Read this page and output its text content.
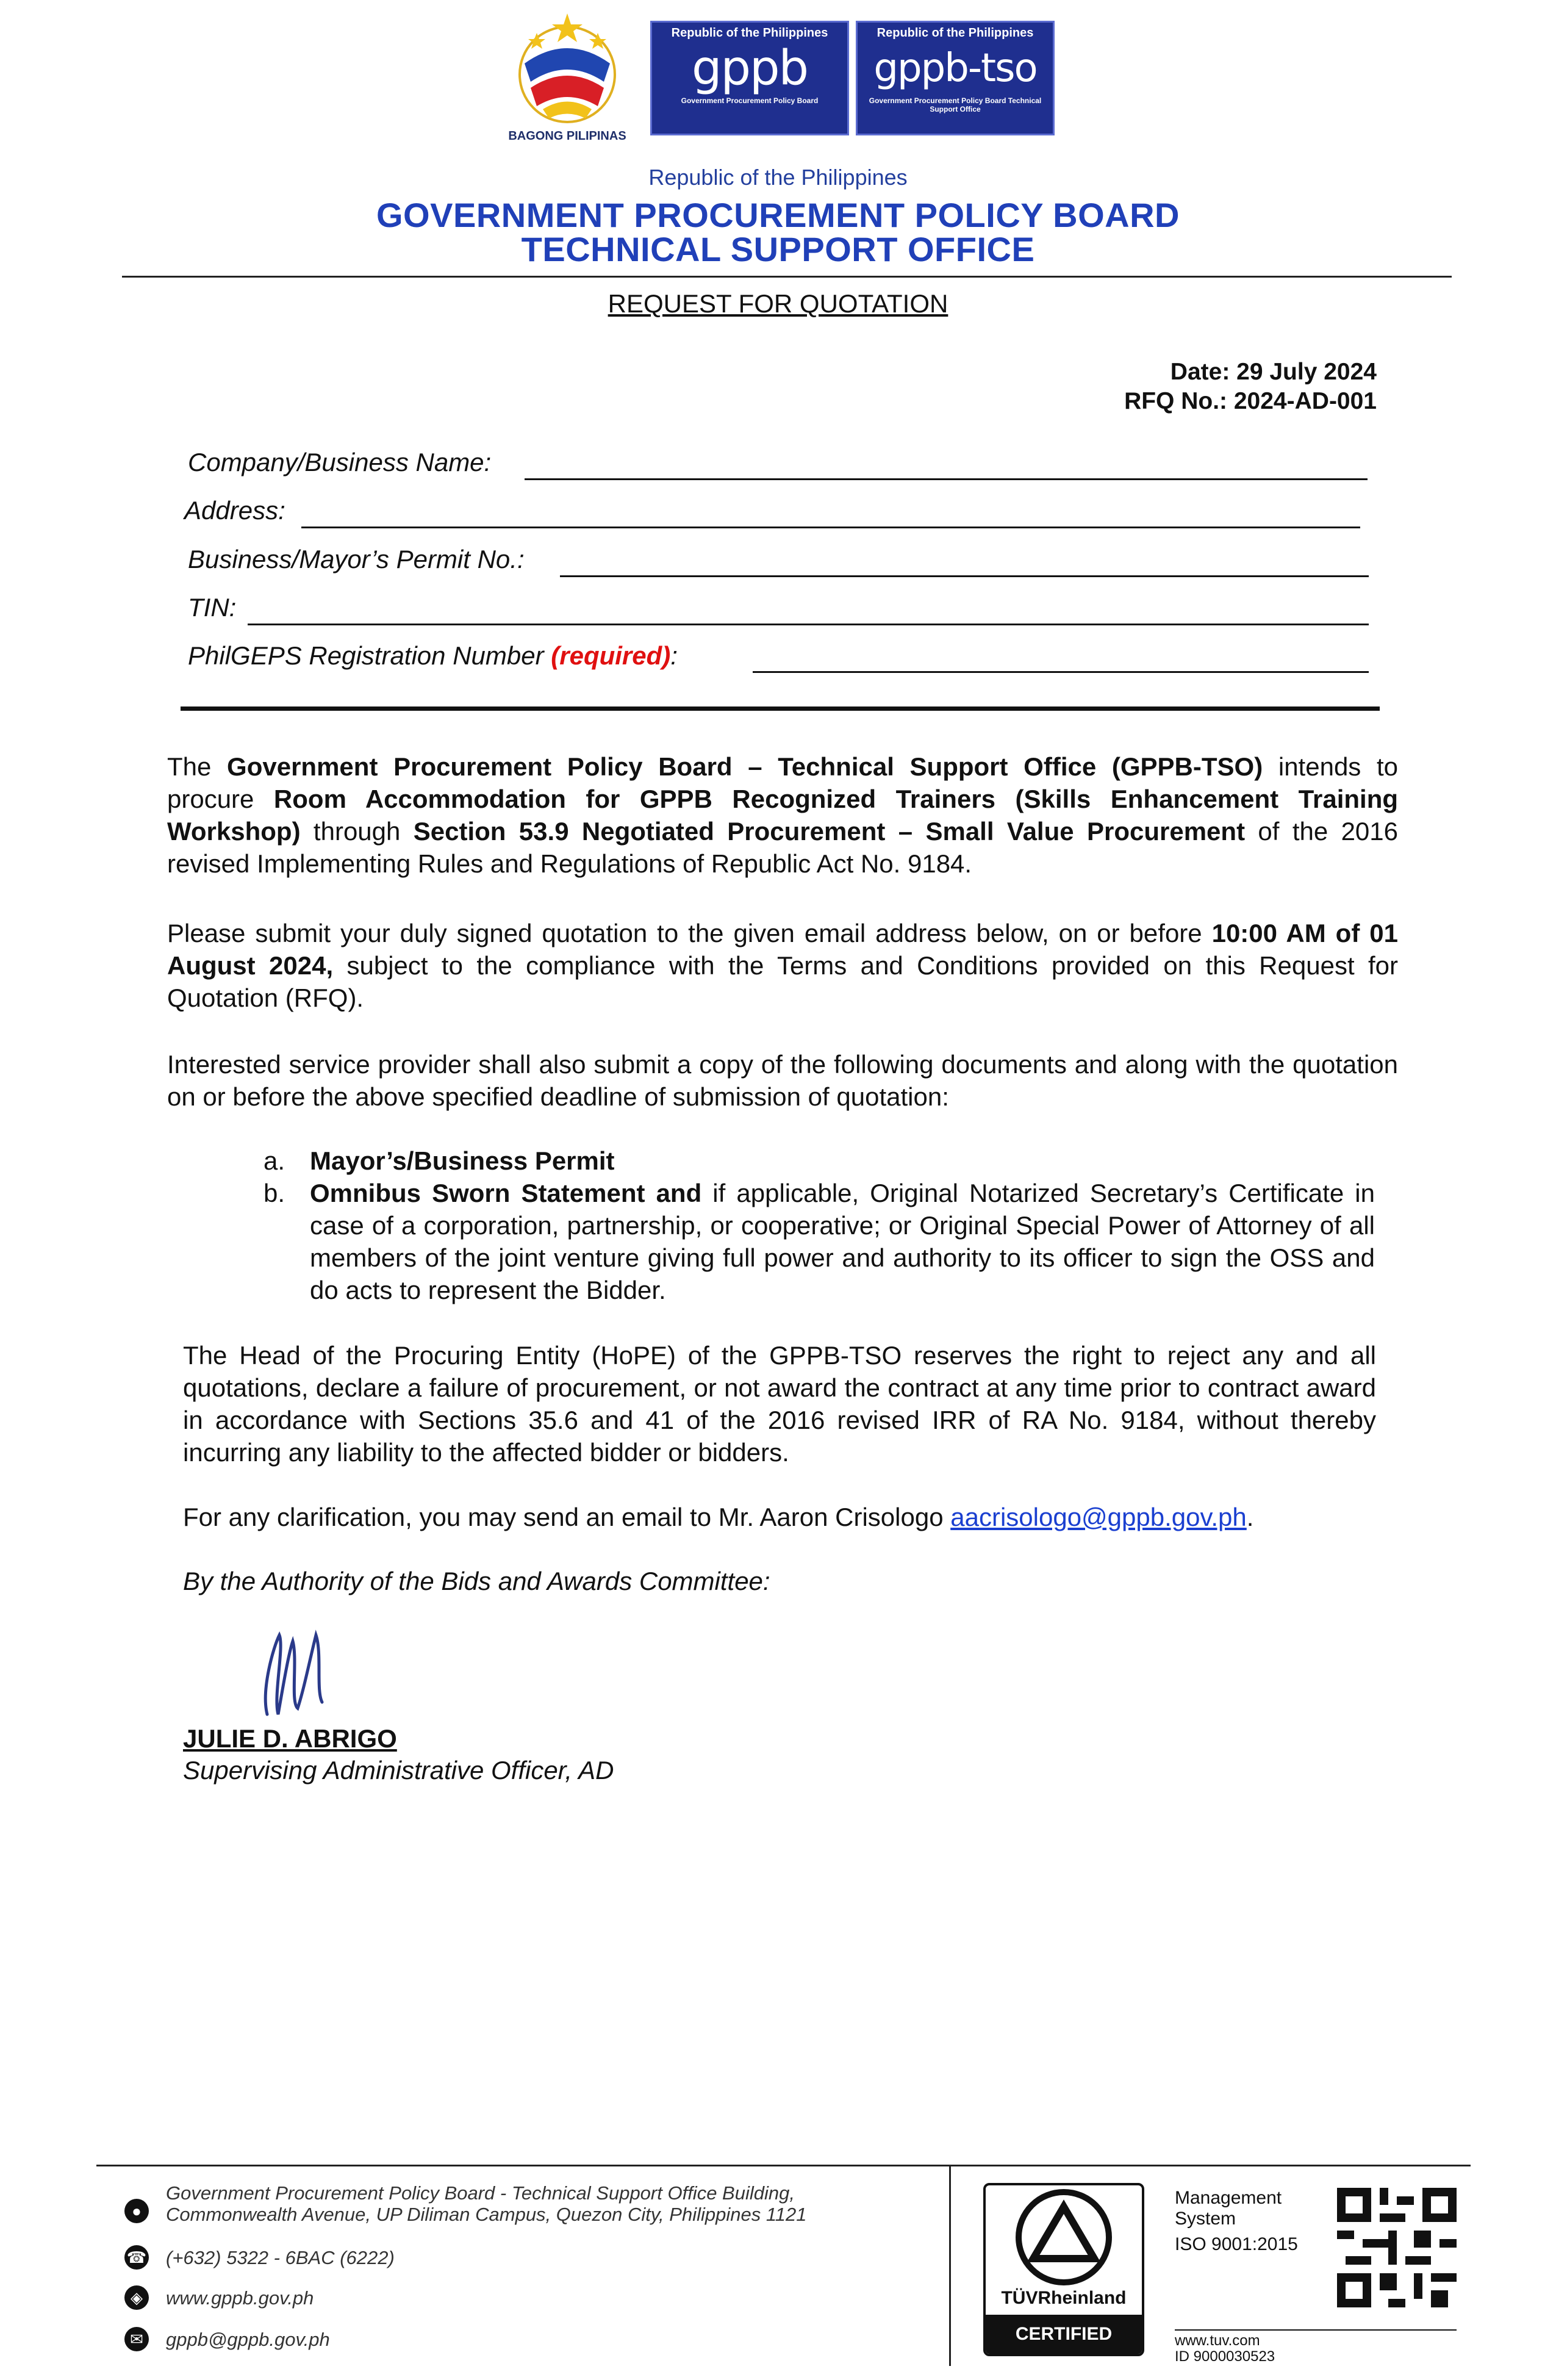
BAGONG PILIPINAS
Republic of the Philippines
gppb
Government Procurement Policy Board
Republic of the Philippines
gppb-tso
Government Procurement Policy Board Technical Support Office
Republic of the Philippines
GOVERNMENT PROCUREMENT POLICY BOARD
TECHNICAL SUPPORT OFFICE
REQUEST FOR QUOTATION
Date: 29 July 2024
RFQ No.: 2024-AD-001
Company/Business Name:
Address:
Business/Mayor’s Permit No.:
TIN:
PhilGEPS Registration Number (required):
The Government Procurement Policy Board – Technical Support Office (GPPB-TSO) intends to procure Room Accommodation for GPPB Recognized Trainers (Skills Enhancement Training Workshop) through Section 53.9 Negotiated Procurement – Small Value Procurement of the 2016 revised Implementing Rules and Regulations of Republic Act No. 9184.
Please submit your duly signed quotation to the given email address below, on or before 10:00 AM of 01 August 2024, subject to the compliance with the Terms and Conditions provided on this Request for Quotation (RFQ).
Interested service provider shall also submit a copy of the following documents and along with the quotation on or before the above specified deadline of submission of quotation:
a. Mayor’s/Business Permit
b. Omnibus Sworn Statement and if applicable, Original Notarized Secretary’s Certificate in case of a corporation, partnership, or cooperative; or Original Special Power of Attorney of all members of the joint venture giving full power and authority to its officer to sign the OSS and do acts to represent the Bidder.
The Head of the Procuring Entity (HoPE) of the GPPB-TSO reserves the right to reject any and all quotations, declare a failure of procurement, or not award the contract at any time prior to contract award in accordance with Sections 35.6 and 41 of the 2016 revised IRR of RA No. 9184, without thereby incurring any liability to the affected bidder or bidders.
For any clarification, you may send an email to Mr. Aaron Crisologo aacrisologo@gppb.gov.ph.
By the Authority of the Bids and Awards Committee:
JULIE D. ABRIGO
Supervising Administrative Officer, AD
●
Government Procurement Policy Board - Technical Support Office Building,
Commonwealth Avenue, UP Diliman Campus, Quezon City, Philippines 1121
☎ (+632) 5322 - 6BAC (6222)
◈	www.gppb.gov.ph
✉ gppb@gppb.gov.ph
TÜVRheinland
CERTIFIED
Management
System
ISO 9001:2015
www.tuv.com
ID 9000030523
